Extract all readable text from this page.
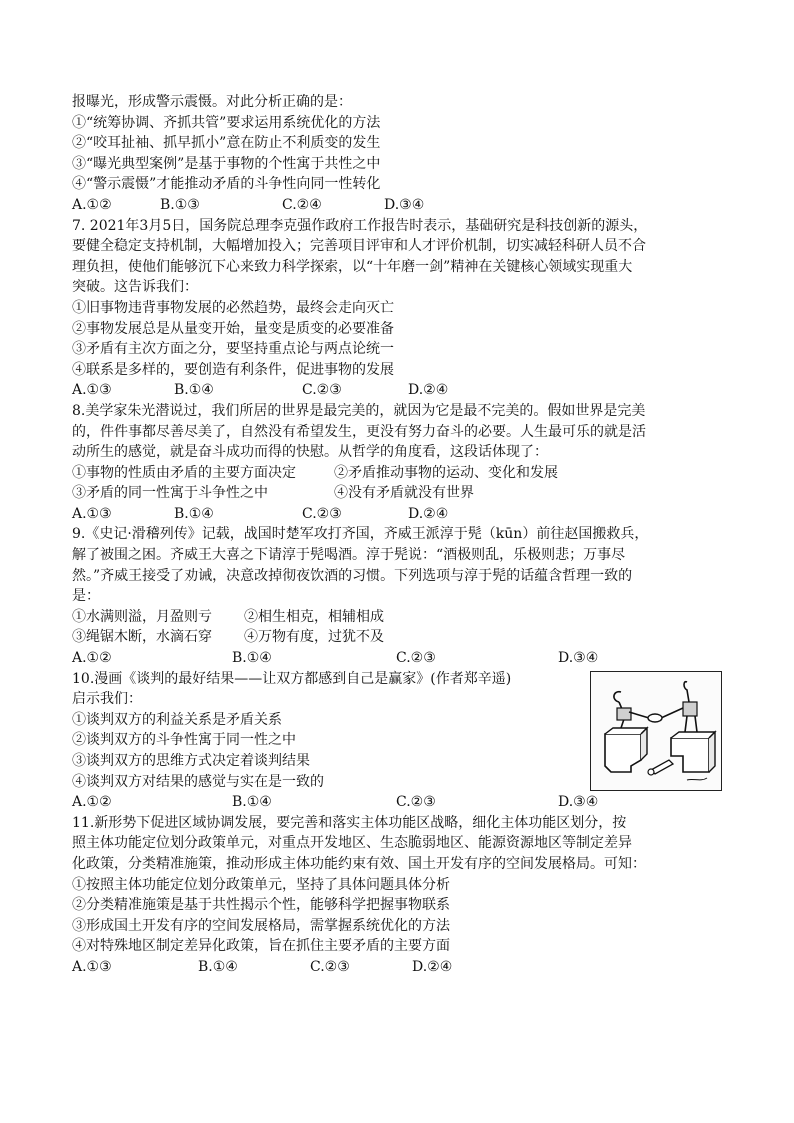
报曝光，形成警示震慑。对此分析正确的是：
①“统筹协调、齐抓共管”要求运用系统优化的方法
②“咬耳扯袖、抓早抓小”意在防止不利质变的发生
③“曝光典型案例”是基于事物的个性寓于共性之中
④“警示震慑”才能推动矛盾的斗争性向同一性转化
A.①②	B.①③	C.②④	D.③④
7. 2021年3月5日，国务院总理李克强作政府工作报告时表示，基础研究是科技创新的源头，
要健全稳定支持机制，大幅增加投入；完善项目评审和人才评价机制，切实减轻科研人员不合
理负担，使他们能够沉下心来致力科学探索，以“十年磨一剑”精神在关键核心领域实现重大
突破。这告诉我们：
①旧事物违背事物发展的必然趋势，最终会走向灭亡
②事物发展总是从量变开始，量变是质变的必要准备
③矛盾有主次方面之分，要坚持重点论与两点论统一
④联系是多样的，要创造有利条件，促进事物的发展
A.①③	B.①④	C.②③	D.②④
8.美学家朱光潜说过，我们所居的世界是最完美的，就因为它是最不完美的。假如世界是完美
的，件件事都尽善尽美了，自然没有希望发生，更没有努力奋斗的必要。人生最可乐的就是活
动所生的感觉，就是奋斗成功而得的快慰。从哲学的角度看，这段话体现了：
①事物的性质由矛盾的主要方面决定	②矛盾推动事物的运动、变化和发展
③矛盾的同一性寓于斗争性之中	④没有矛盾就没有世界
A.①③	B.①④	C.②③	D.②④
9.《史记·滑稽列传》记载，战国时楚军攻打齐国，齐威王派淳于髡（kūn）前往赵国搬救兵，
解了被围之困。齐威王大喜之下请淳于髡喝酒。淳于髡说：“酒极则乱，乐极则悲；万事尽
然。”齐威王接受了劝诫，决意改掉彻夜饮酒的习惯。下列选项与淳于髡的话蕴含哲理一致的
是：
①水满则溢，月盈则亏	②相生相克，相辅相成
③绳锯木断，水滴石穿	④万物有度，过犹不及
A.①②	B.①④	C.②③	D.③④
10.漫画《谈判的最好结果——让双方都感到自己是赢家》(作者郑辛遥)
启示我们：
①谈判双方的利益关系是矛盾关系
②谈判双方的斗争性寓于同一性之中
③谈判双方的思维方式决定着谈判结果
④谈判双方对结果的感觉与实在是一致的
A.①②	B.①④	C.②③	D.③④
11.新形势下促进区域协调发展，要完善和落实主体功能区战略，细化主体功能区划分，按
照主体功能定位划分政策单元，对重点开发地区、生态脆弱地区、能源资源地区等制定差异
化政策，分类精准施策，推动形成主体功能约束有效、国土开发有序的空间发展格局。可知：
①按照主体功能定位划分政策单元，坚持了具体问题具体分析
②分类精准施策是基于共性揭示个性，能够科学把握事物联系
③形成国土开发有序的空间发展格局，需掌握系统优化的方法
④对特殊地区制定差异化政策，旨在抓住主要矛盾的主要方面
A.①③	B.①④	C.②③	D.②④
